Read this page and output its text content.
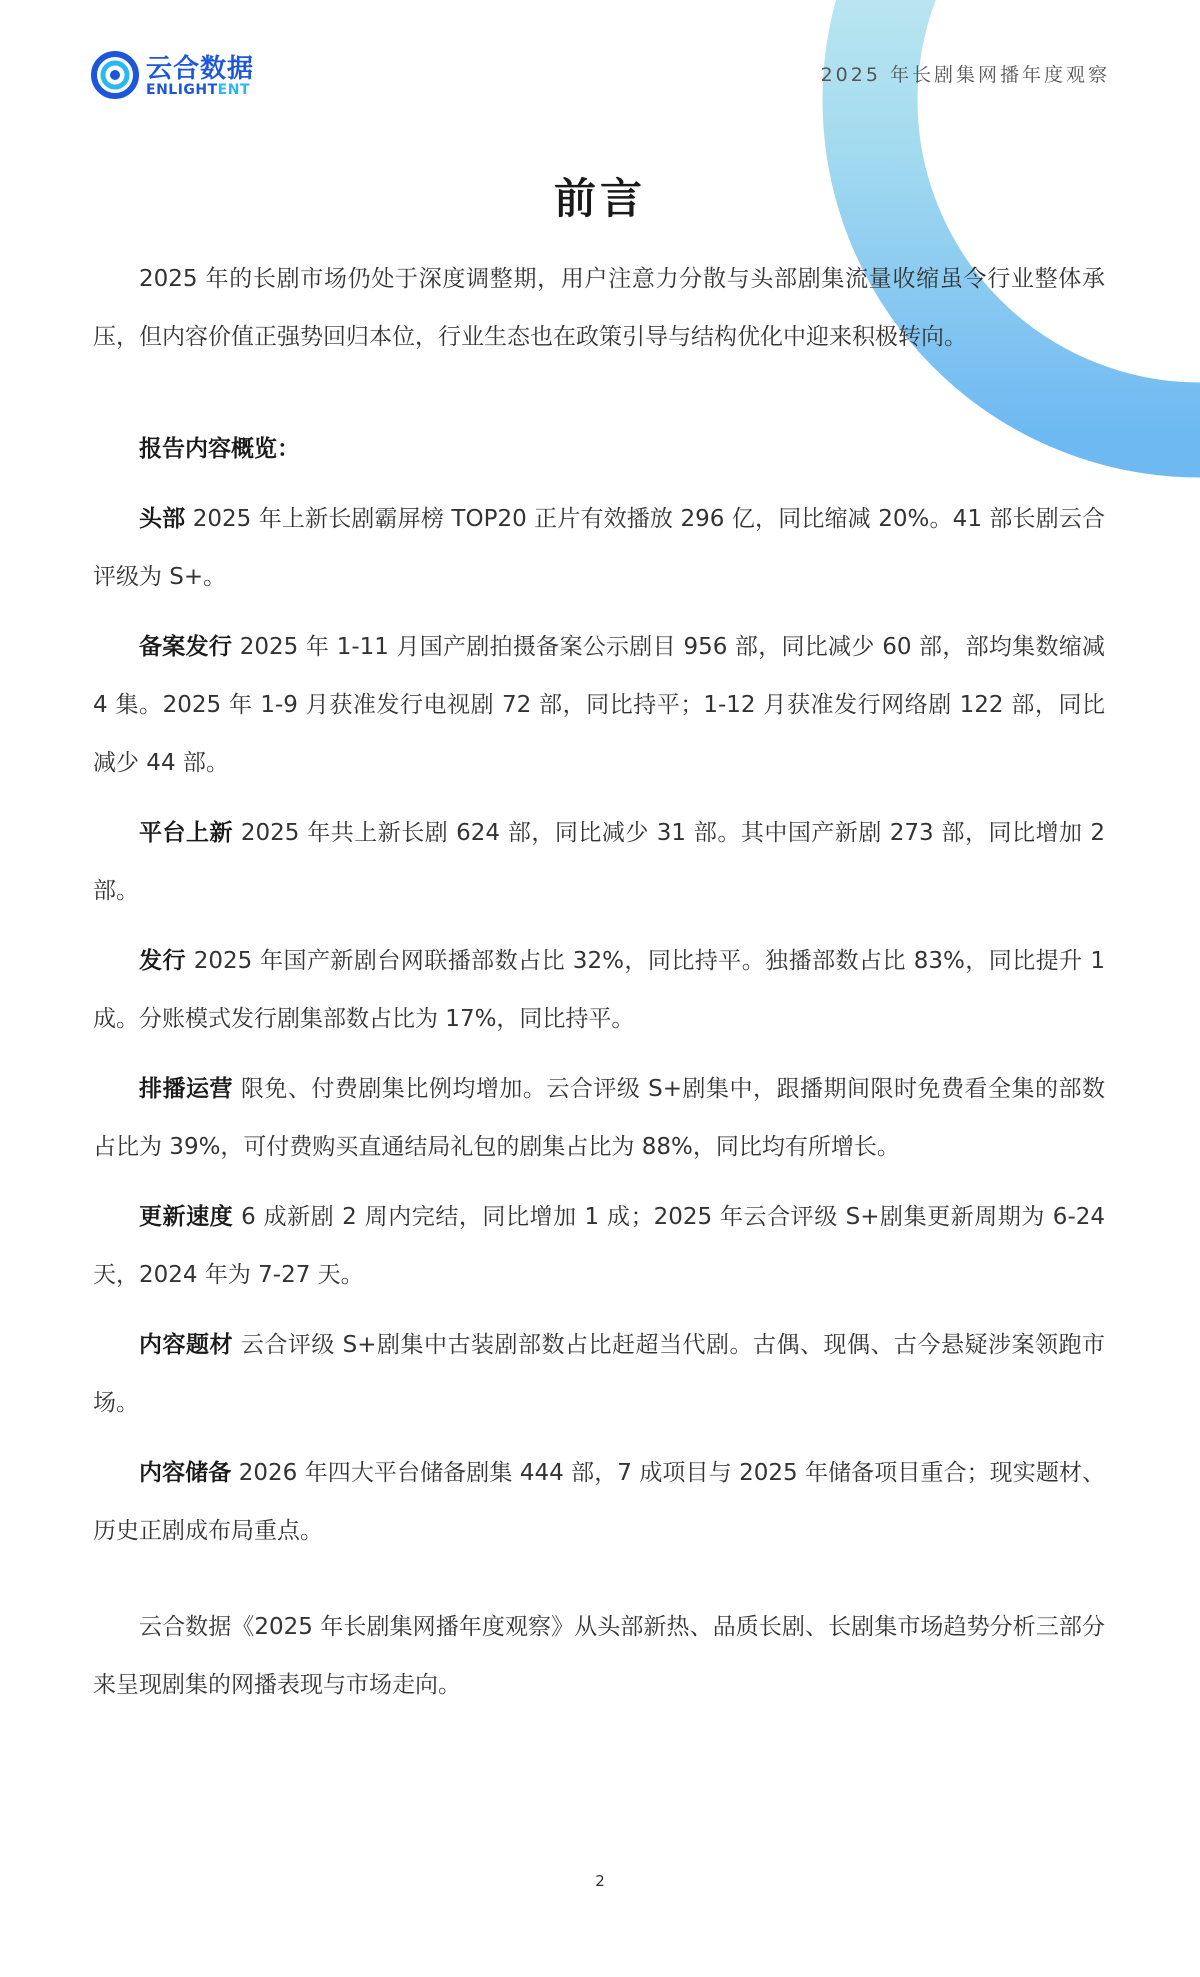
云合数据
ENLIGHTENT
2025 年长剧集网播年度观察
前言

2025 年的长剧市场仍处于深度调整期，用户注意力分散与头部剧集流量收缩虽令行业整体承压，但内容价值正强势回归本位，行业生态也在政策引导与结构优化中迎来积极转向。

报告内容概览：

头部 2025 年上新长剧霸屏榜 TOP20 正片有效播放 296 亿，同比缩减 20%。41 部长剧云合评级为 S+。

备案发行 2025 年 1-11 月国产剧拍摄备案公示剧目 956 部，同比减少 60 部，部均集数缩减 4 集。2025 年 1-9 月获准发行电视剧 72 部，同比持平；1-12 月获准发行网络剧 122 部，同比减少 44 部。

平台上新 2025 年共上新长剧 624 部，同比减少 31 部。其中国产新剧 273 部，同比增加 2 部。

发行 2025 年国产新剧台网联播部数占比 32%，同比持平。独播部数占比 83%，同比提升 1 成。分账模式发行剧集部数占比为 17%，同比持平。

排播运营 限免、付费剧集比例均增加。云合评级 S+剧集中，跟播期间限时免费看全集的部数占比为 39%，可付费购买直通结局礼包的剧集占比为 88%，同比均有所增长。

更新速度 6 成新剧 2 周内完结，同比增加 1 成；2025 年云合评级 S+剧集更新周期为 6-24 天，2024 年为 7-27 天。

内容题材 云合评级 S+剧集中古装剧部数占比赶超当代剧。古偶、现偶、古今悬疑涉案领跑市场。

内容储备 2026 年四大平台储备剧集 444 部，7 成项目与 2025 年储备项目重合；现实题材、历史正剧成布局重点。

云合数据《2025 年长剧集网播年度观察》从头部新热、品质长剧、长剧集市场趋势分析三部分来呈现剧集的网播表现与市场走向。

2
